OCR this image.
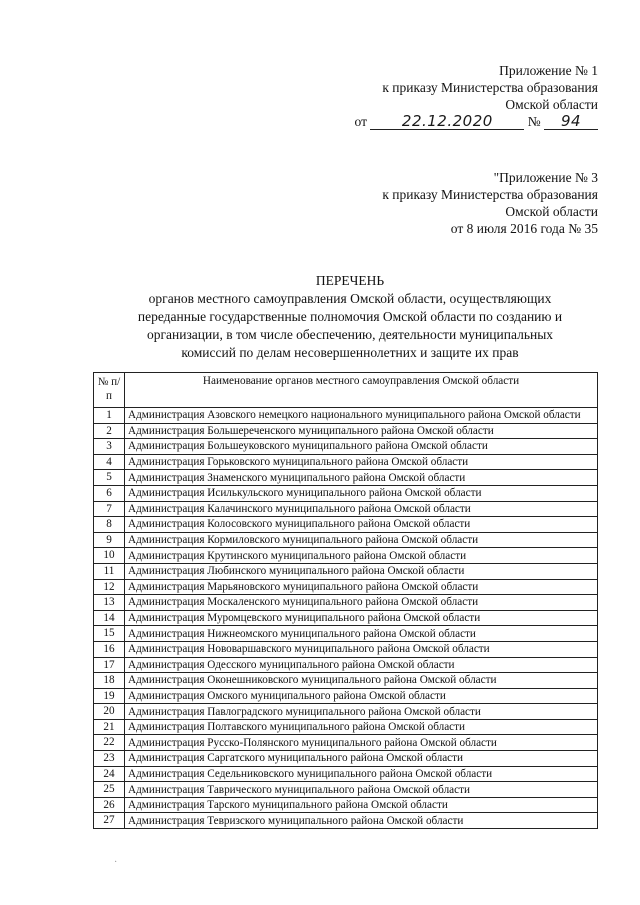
Приложение № 1
к приказу Министерства образования
Омской области
от 22.12.2020	№ 94
"Приложение № 3
к приказу Министерства образования
Омской области
от 8 июля 2016 года № 35
ПЕРЕЧЕНЬ
органов местного самоуправления Омской области, осуществляющих
переданные государственные полномочия Омской области по созданию и
организации, в том числе обеспечению, деятельности муниципальных
комиссий по делам несовершеннолетних и защите их прав
№ п/п	Наименование органов местного самоуправления Омской области
1	Администрация Азовского немецкого национального муниципального района Омской области
2	Администрация Большереченского муниципального района Омской области
3	Администрация Большеуковского муниципального района Омской области
4	Администрация Горьковского муниципального района Омской области
5	Администрация Знаменского муниципального района Омской области
6	Администрация Исилькульского муниципального района Омской области
7	Администрация Калачинского муниципального района Омской области
8	Администрация Колосовского муниципального района Омской области
9	Администрация Кормиловского муниципального района Омской области
10	Администрация Крутинского муниципального района Омской области
11	Администрация Любинского муниципального района Омской области
12	Администрация Марьяновского муниципального района Омской области
13	Администрация Москаленского муниципального района Омской области
14	Администрация Муромцевского муниципального района Омской области
15	Администрация Нижнеомского муниципального района Омской области
16	Администрация Нововаршавского муниципального района Омской области
17	Администрация Одесского муниципального района Омской области
18	Администрация Оконешниковского муниципального района Омской области
19	Администрация Омского муниципального района Омской области
20	Администрация Павлоградского муниципального района Омской области
21	Администрация Полтавского муниципального района Омской области
22	Администрация Русско-Полянского муниципального района Омской области
23	Администрация Саргатского муниципального района Омской области
24	Администрация Седельниковского муниципального района Омской области
25	Администрация Таврического муниципального района Омской области
26	Администрация Тарского муниципального района Омской области
27	Администрация Тевризского муниципального района Омской области
·
